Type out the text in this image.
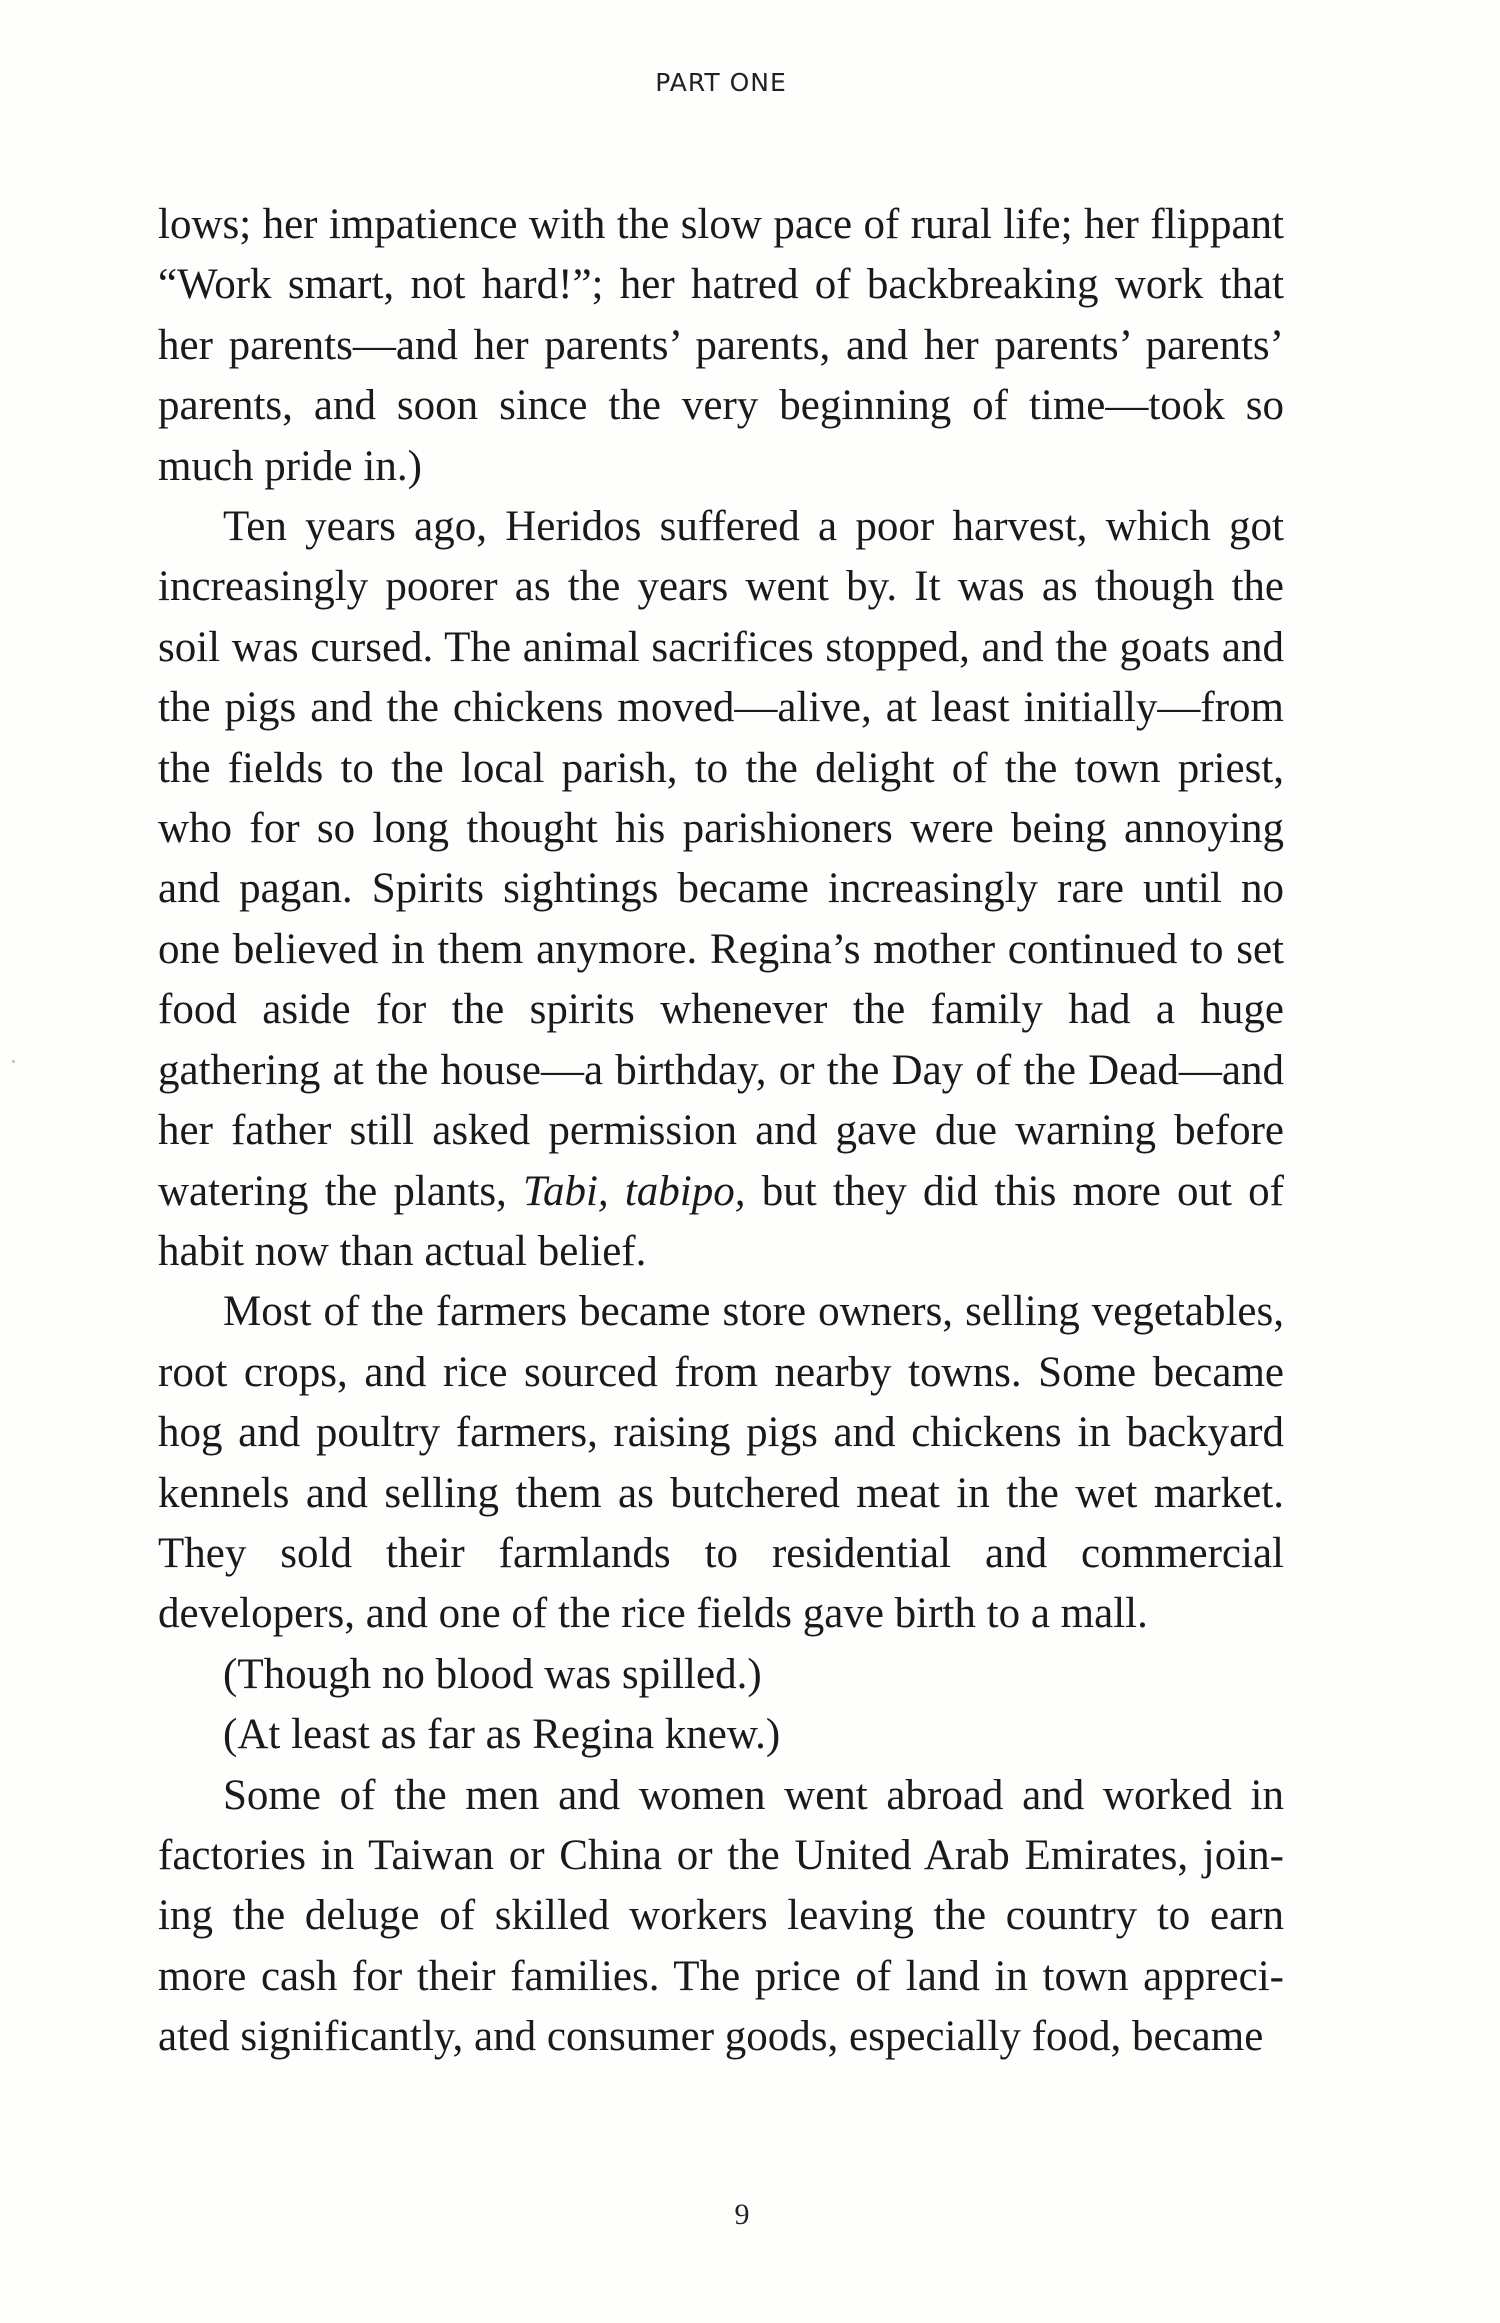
PART ONE

lows; her impatience with the slow pace of rural life; her flippant “Work smart, not hard!”; her hatred of backbreaking work that her parents—and her parents’ parents, and her parents’ parents’ parents, and soon since the very beginning of time—took so much pride in.)

Ten years ago, Heridos suffered a poor harvest, which got increasingly poorer as the years went by. It was as though the soil was cursed. The animal sacrifices stopped, and the goats and the pigs and the chickens moved—alive, at least initially—from the fields to the local parish, to the delight of the town priest, who for so long thought his parishioners were being annoying and pagan. Spirits sightings became increasingly rare until no one believed in them anymore. Regina’s mother continued to set food aside for the spirits whenever the family had a huge gathering at the house—a birthday, or the Day of the Dead—and her father still asked permission and gave due warning before watering the plants, Tabi, tabipo, but they did this more out of habit now than actual belief.

Most of the farmers became store owners, selling vegetables, root crops, and rice sourced from nearby towns. Some became hog and poultry farmers, raising pigs and chickens in backyard kennels and selling them as butchered meat in the wet market. They sold their farmlands to residential and commercial developers, and one of the rice fields gave birth to a mall.

(Though no blood was spilled.)

(At least as far as Regina knew.)

Some of the men and women went abroad and worked in factories in Taiwan or China or the United Arab Emirates, joining the deluge of skilled workers leaving the country to earn more cash for their families. The price of land in town appreciated significantly, and consumer goods, especially food, became

9
